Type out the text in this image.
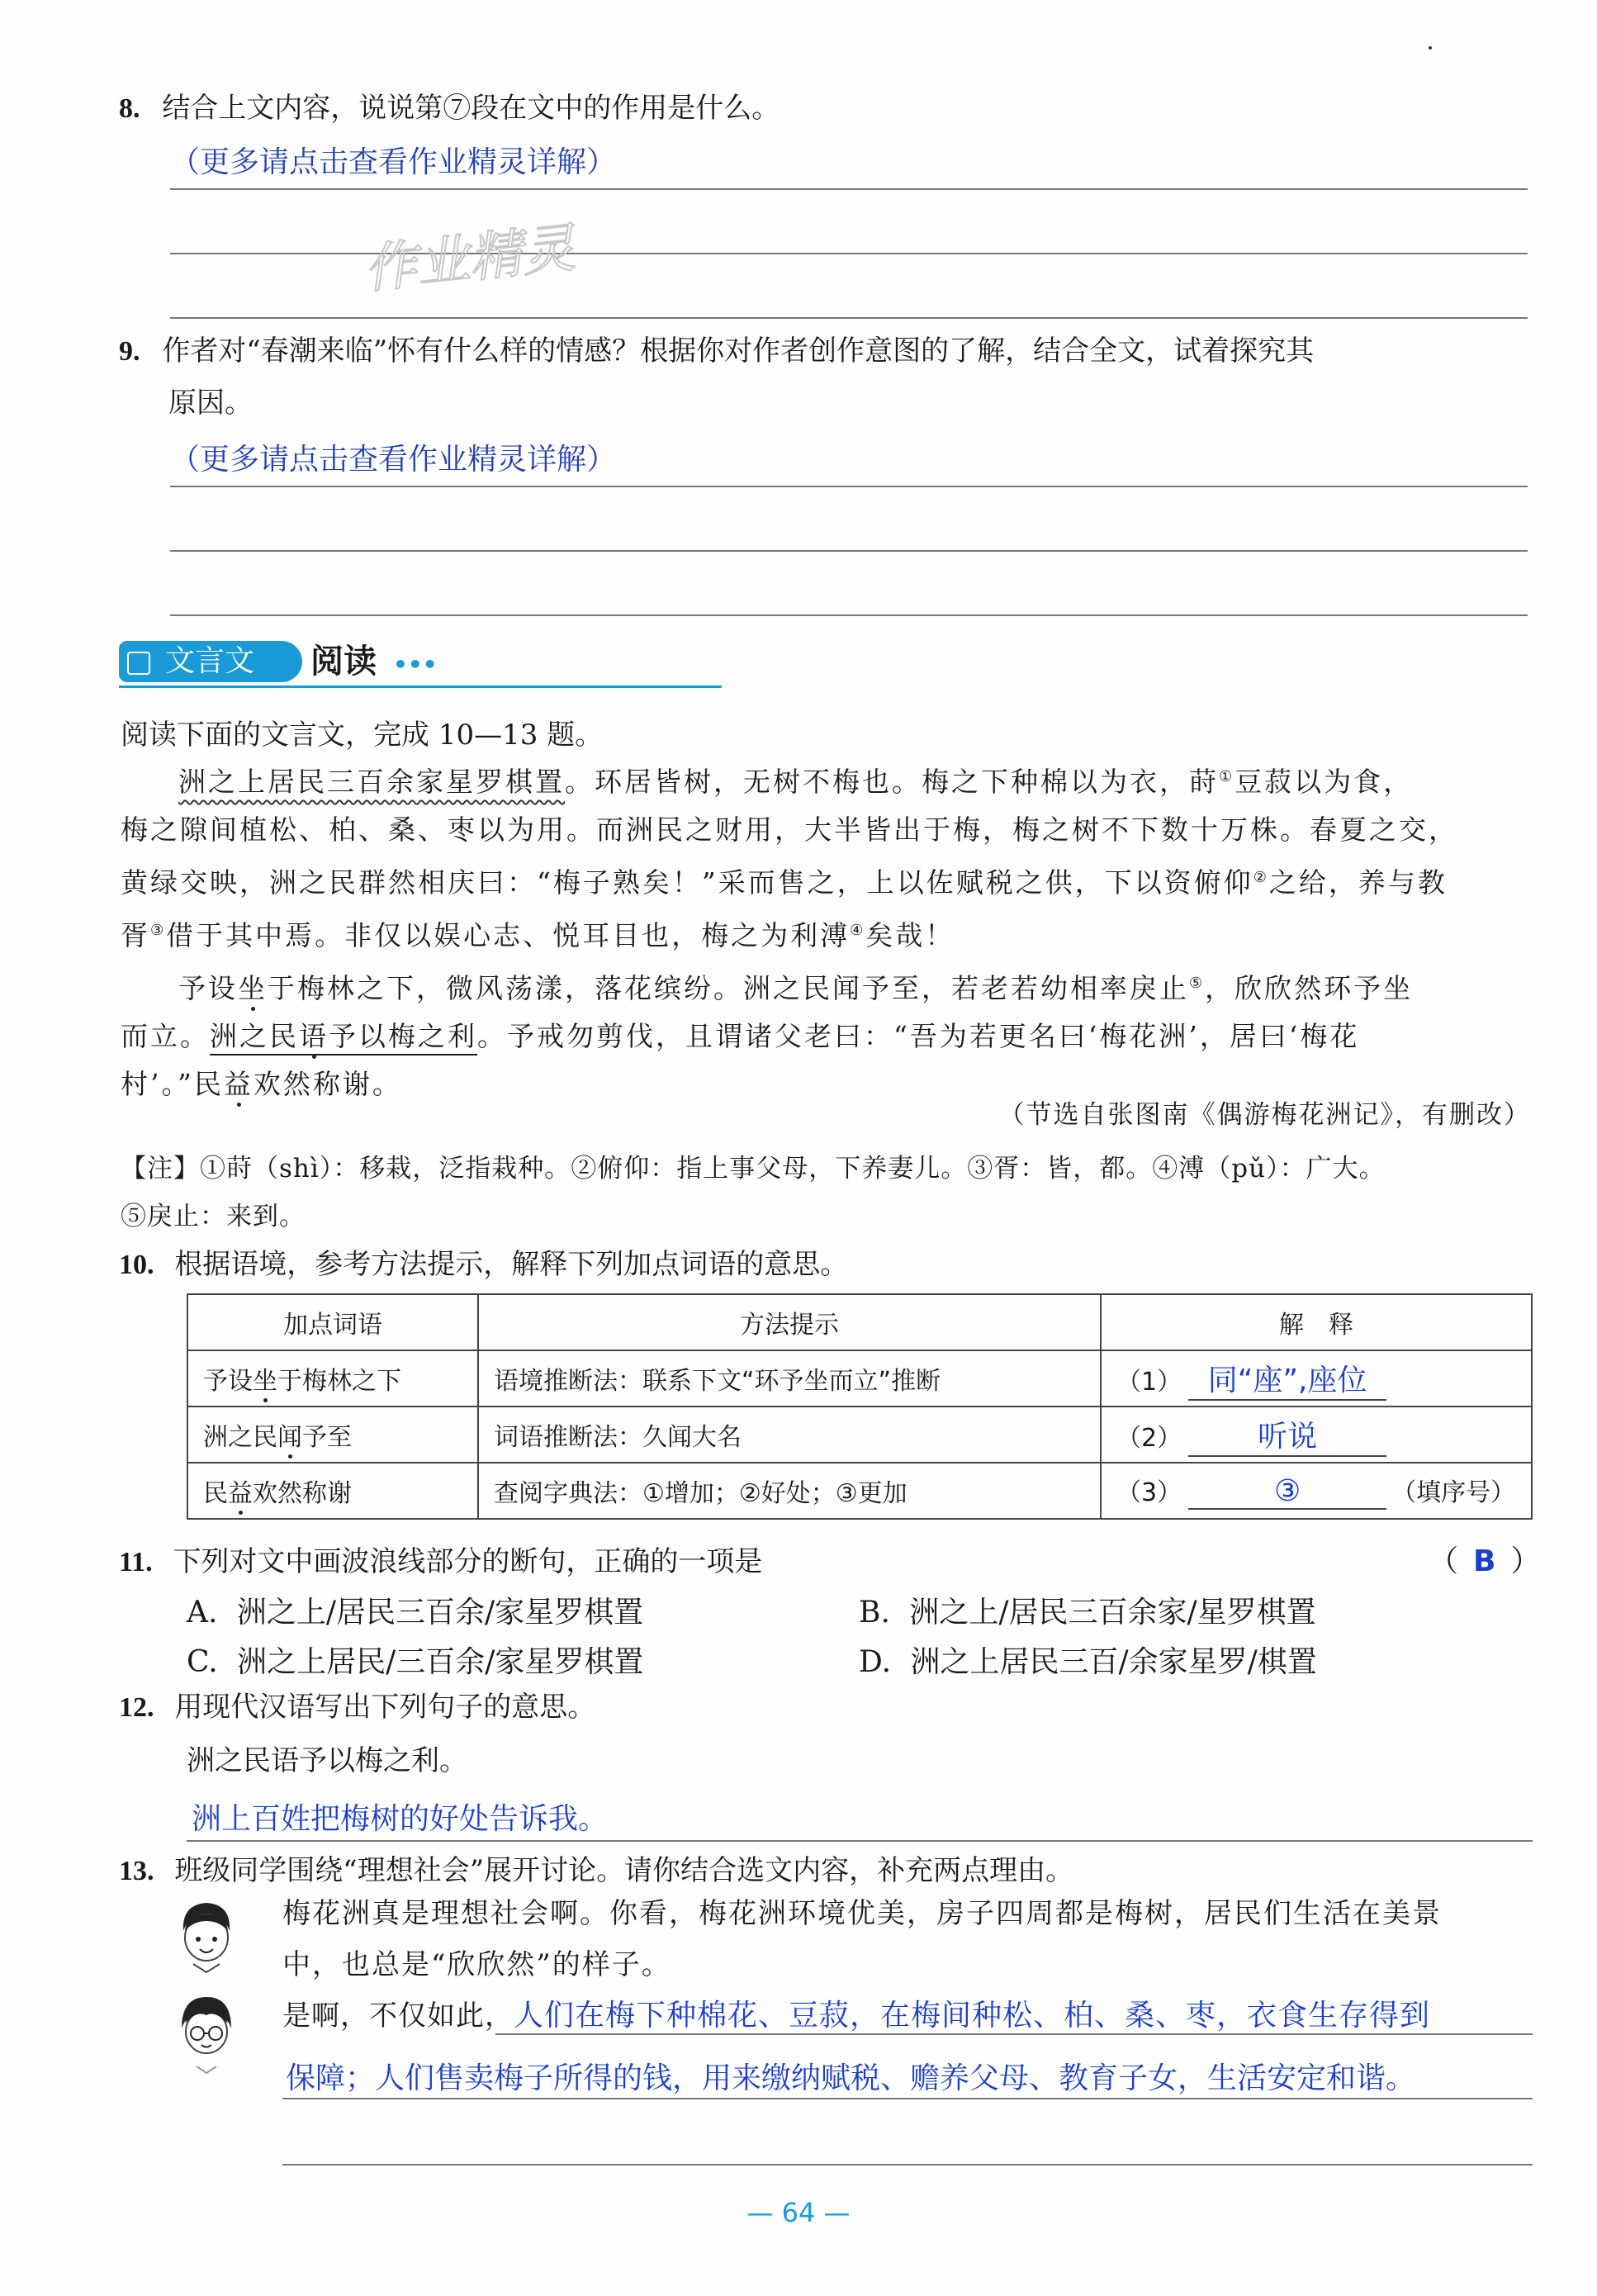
8. 结合上文内容，说说第⑦段在文中的作用是什么。
（更多请点击查看作业精灵详解）
作业精灵
9. 作者对“春潮来临”怀有什么样的情感？根据你对作者创作意图的了解，结合全文，试着探究其
原因。
（更多请点击查看作业精灵详解）
文言文 阅读 •••
阅读下面的文言文，完成 10—13 题。
洲之上居民三百余家星罗棋置。环居皆树，无树不梅也。梅之下种棉以为衣，莳①豆菽以为食，
梅之隙间植松、柏、桑、枣以为用。而洲民之财用，大半皆出于梅，梅之树不下数十万株。春夏之交，
黄绿交映，洲之民群然相庆曰：“梅子熟矣！”采而售之，上以佐赋税之供，下以资俯仰②之给，养与教
胥③借于其中焉。非仅以娱心志、悦耳目也，梅之为利溥④矣哉！
予设坐于梅林之下，微风荡漾，落花缤纷。洲之民闻予至，若老若幼相率戾止⑤，欣欣然环予坐
而立。洲之民语予以梅之利。予戒勿剪伐，且谓诸父老曰：“吾为若更名曰‘梅花洲’，居曰‘梅花
村’。”民益欢然称谢。
（节选自张图南《偶游梅花洲记》，有删改）
【注】①莳（shì）：移栽，泛指栽种。②俯仰：指上事父母，下养妻儿。③胥：皆，都。④溥（pǔ）：广大。
⑤戾止：来到。
10. 根据语境，参考方法提示，解释下列加点词语的意思。
加点词语	方法提示	解　释
予设坐于梅林之下	语境推断法：联系下文“环予坐而立”推断	（1） 同“座”,座位
洲之民闻予至	词语推断法：久闻大名	（2） 听说
民益欢然称谢	查阅字典法：①增加；②好处；③更加	（3） ③ （填序号）
11. 下列对文中画波浪线部分的断句，正确的一项是	（ B ）
A. 洲之上/居民三百余/家星罗棋置	B. 洲之上/居民三百余家/星罗棋置
C. 洲之上居民/三百余/家星罗棋置	D. 洲之上居民三百/余家星罗/棋置
12. 用现代汉语写出下列句子的意思。
洲之民语予以梅之利。
洲上百姓把梅树的好处告诉我。
13. 班级同学围绕“理想社会”展开讨论。请你结合选文内容，补充两点理由。
梅花洲真是理想社会啊。你看，梅花洲环境优美，房子四周都是梅树，居民们生活在美景
中，也总是“欣欣然”的样子。
是啊，不仅如此，人们在梅下种棉花、豆菽，在梅间种松、柏、桑、枣，衣食生存得到
保障；人们售卖梅子所得的钱，用来缴纳赋税、赡养父母、教育子女，生活安定和谐。
— 64 —
